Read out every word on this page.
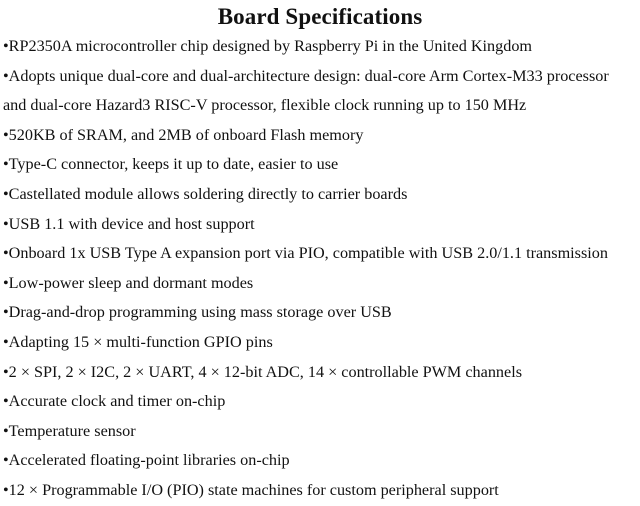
Board Specifications
• RP2350A microcontroller chip designed by Raspberry Pi in the United Kingdom
• Adopts unique dual-core and dual-architecture design: dual-core Arm Cortex-M33 processor
and dual-core Hazard3 RISC-V processor, flexible clock running up to 150 MHz
• 520KB of SRAM, and 2MB of onboard Flash memory
• Type-C connector, keeps it up to date, easier to use
• Castellated module allows soldering directly to carrier boards
• USB 1.1 with device and host support
• Onboard 1x USB Type A expansion port via PIO, compatible with USB 2.0/1.1 transmission
• Low-power sleep and dormant modes
• Drag-and-drop programming using mass storage over USB
• Adapting 15 × multi-function GPIO pins
• 2 × SPI, 2 × I2C, 2 × UART, 4 × 12-bit ADC, 14 × controllable PWM channels
• Accurate clock and timer on-chip
• Temperature sensor
• Accelerated floating-point libraries on-chip
• 12 × Programmable I/O (PIO) state machines for custom peripheral support
